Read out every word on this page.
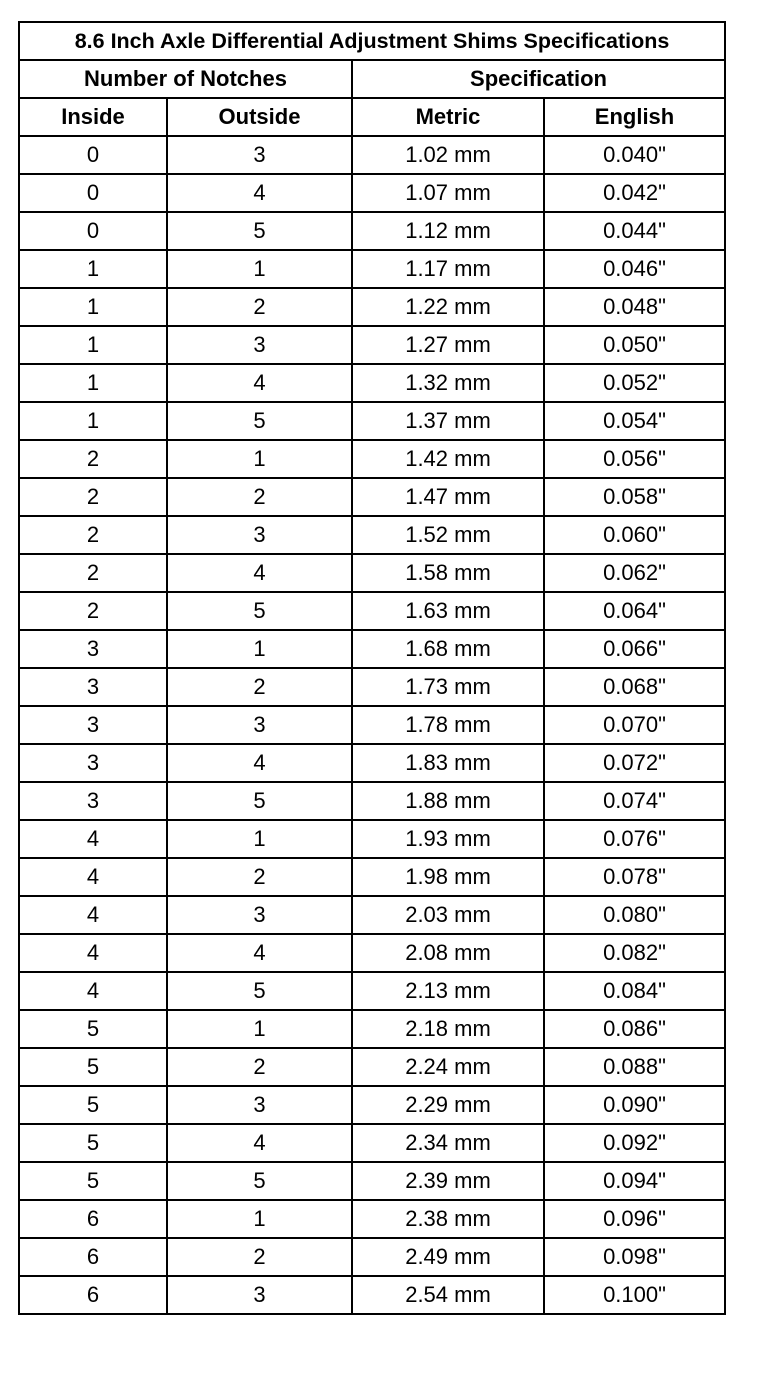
8.6 Inch Axle Differential Adjustment Shims Specifications			
Number of Notches		Specification	
Inside	Outside	Metric	English
0	3	1.02 mm	0.040"
0	4	1.07 mm	0.042"
0	5	1.12 mm	0.044"
1	1	1.17 mm	0.046"
1	2	1.22 mm	0.048"
1	3	1.27 mm	0.050"
1	4	1.32 mm	0.052"
1	5	1.37 mm	0.054"
2	1	1.42 mm	0.056"
2	2	1.47 mm	0.058"
2	3	1.52 mm	0.060"
2	4	1.58 mm	0.062"
2	5	1.63 mm	0.064"
3	1	1.68 mm	0.066"
3	2	1.73 mm	0.068"
3	3	1.78 mm	0.070"
3	4	1.83 mm	0.072"
3	5	1.88 mm	0.074"
4	1	1.93 mm	0.076"
4	2	1.98 mm	0.078"
4	3	2.03 mm	0.080"
4	4	2.08 mm	0.082"
4	5	2.13 mm	0.084"
5	1	2.18 mm	0.086"
5	2	2.24 mm	0.088"
5	3	2.29 mm	0.090"
5	4	2.34 mm	0.092"
5	5	2.39 mm	0.094"
6	1	2.38 mm	0.096"
6	2	2.49 mm	0.098"
6	3	2.54 mm	0.100"
